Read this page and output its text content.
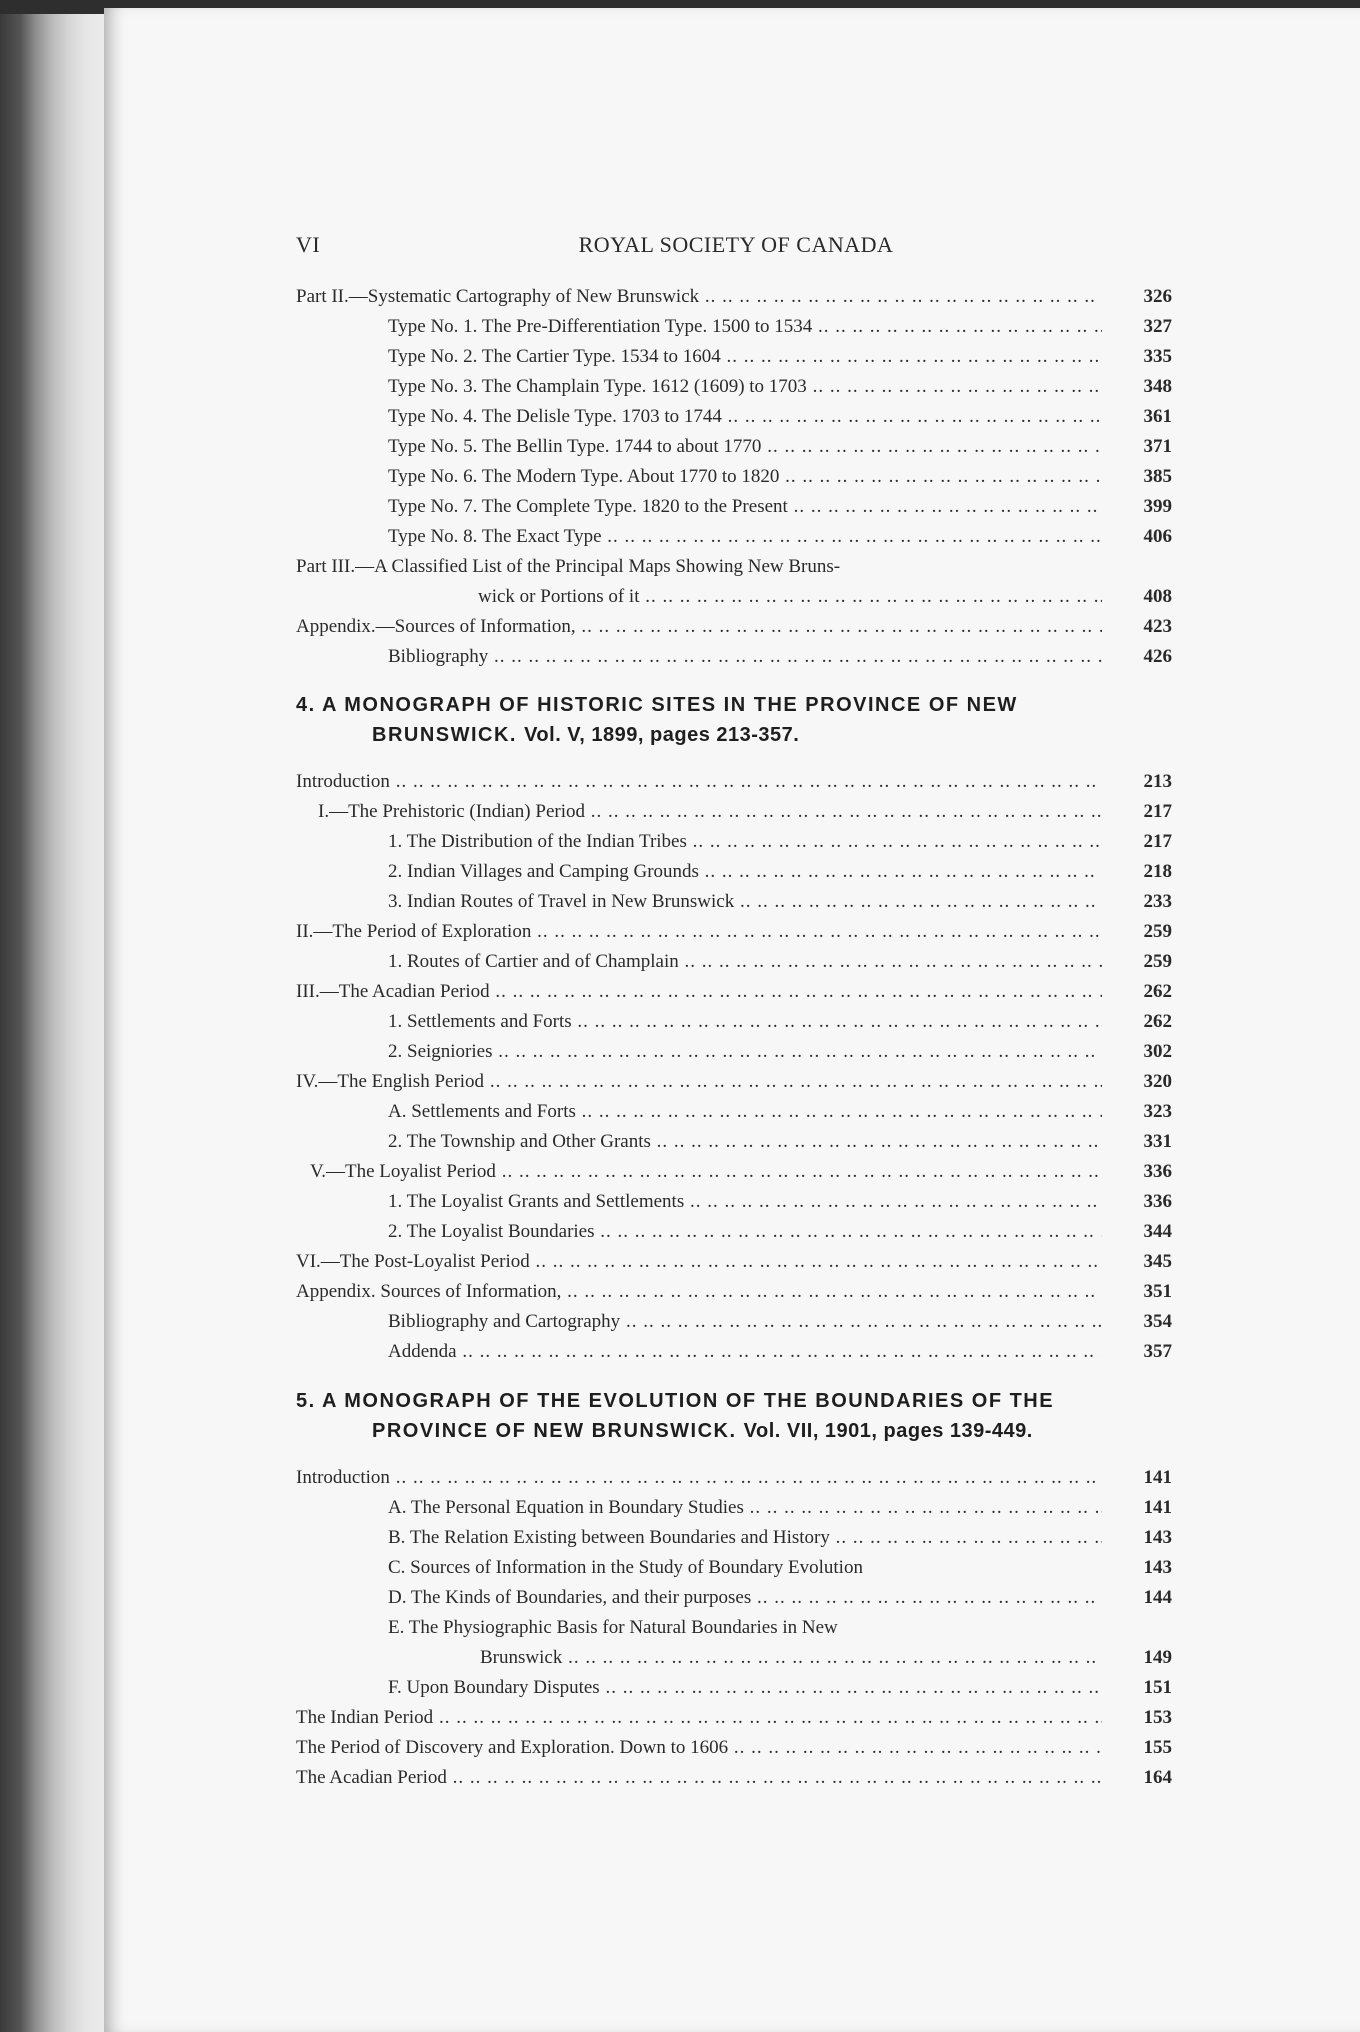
VI	ROYAL SOCIETY OF CANADA
Part II.—Systematic Cartography of New Brunswick .. ..	326
Type No. 1. The Pre-Differentiation Type. 1500 to 1534 .. ..	327
Type No. 2. The Cartier Type. 1534 to 1604 .. ..	335
Type No. 3. The Champlain Type. 1612 (1609) to 1703 .. ..	348
Type No. 4. The Delisle Type. 1703 to 1744 .. ..	361
Type No. 5. The Bellin Type. 1744 to about 1770 .. ..	371
Type No. 6. The Modern Type. About 1770 to 1820 .. ..	385
Type No. 7. The Complete Type. 1820 to the Present .. ..	399
Type No. 8. The Exact Type .. ..	406
Part III.—A Classified List of the Principal Maps Showing New Bruns-
wick or Portions of it .. ..	408
Appendix.—Sources of Information, .. ..	423
Bibliography .. ..	426
4. A MONOGRAPH OF HISTORIC SITES IN THE PROVINCE OF NEW
BRUNSWICK. Vol. V, 1899, pages 213-357.
Introduction .. ..	213
I.—The Prehistoric (Indian) Period .. ..	217
1. The Distribution of the Indian Tribes .. ..	217
2. Indian Villages and Camping Grounds .. ..	218
3. Indian Routes of Travel in New Brunswick .. ..	233
II.—The Period of Exploration .. ..	259
1. Routes of Cartier and of Champlain .. ..	259
III.—The Acadian Period .. ..	262
1. Settlements and Forts .. ..	262
2. Seigniories .. ..	302
IV.—The English Period .. ..	320
A. Settlements and Forts .. ..	323
2. The Township and Other Grants .. ..	331
V.—The Loyalist Period .. ..	336
1. The Loyalist Grants and Settlements .. ..	336
2. The Loyalist Boundaries .. ..	344
VI.—The Post-Loyalist Period .. ..	345
Appendix. Sources of Information, .. ..	351
Bibliography and Cartography .. ..	354
Addenda .. ..	357
5. A MONOGRAPH OF THE EVOLUTION OF THE BOUNDARIES OF THE
PROVINCE OF NEW BRUNSWICK. Vol. VII, 1901, pages 139-449.
Introduction .. ..	141
A. The Personal Equation in Boundary Studies .. ..	141
B. The Relation Existing between Boundaries and History .. ..	143
C. Sources of Information in the Study of Boundary Evolution	143
D. The Kinds of Boundaries, and their purposes .. ..	144
E. The Physiographic Basis for Natural Boundaries in New
Brunswick .. ..	149
F. Upon Boundary Disputes .. ..	151
The Indian Period .. ..	153
The Period of Discovery and Exploration. Down to 1606 .. ..	155
The Acadian Period .. ..	164
